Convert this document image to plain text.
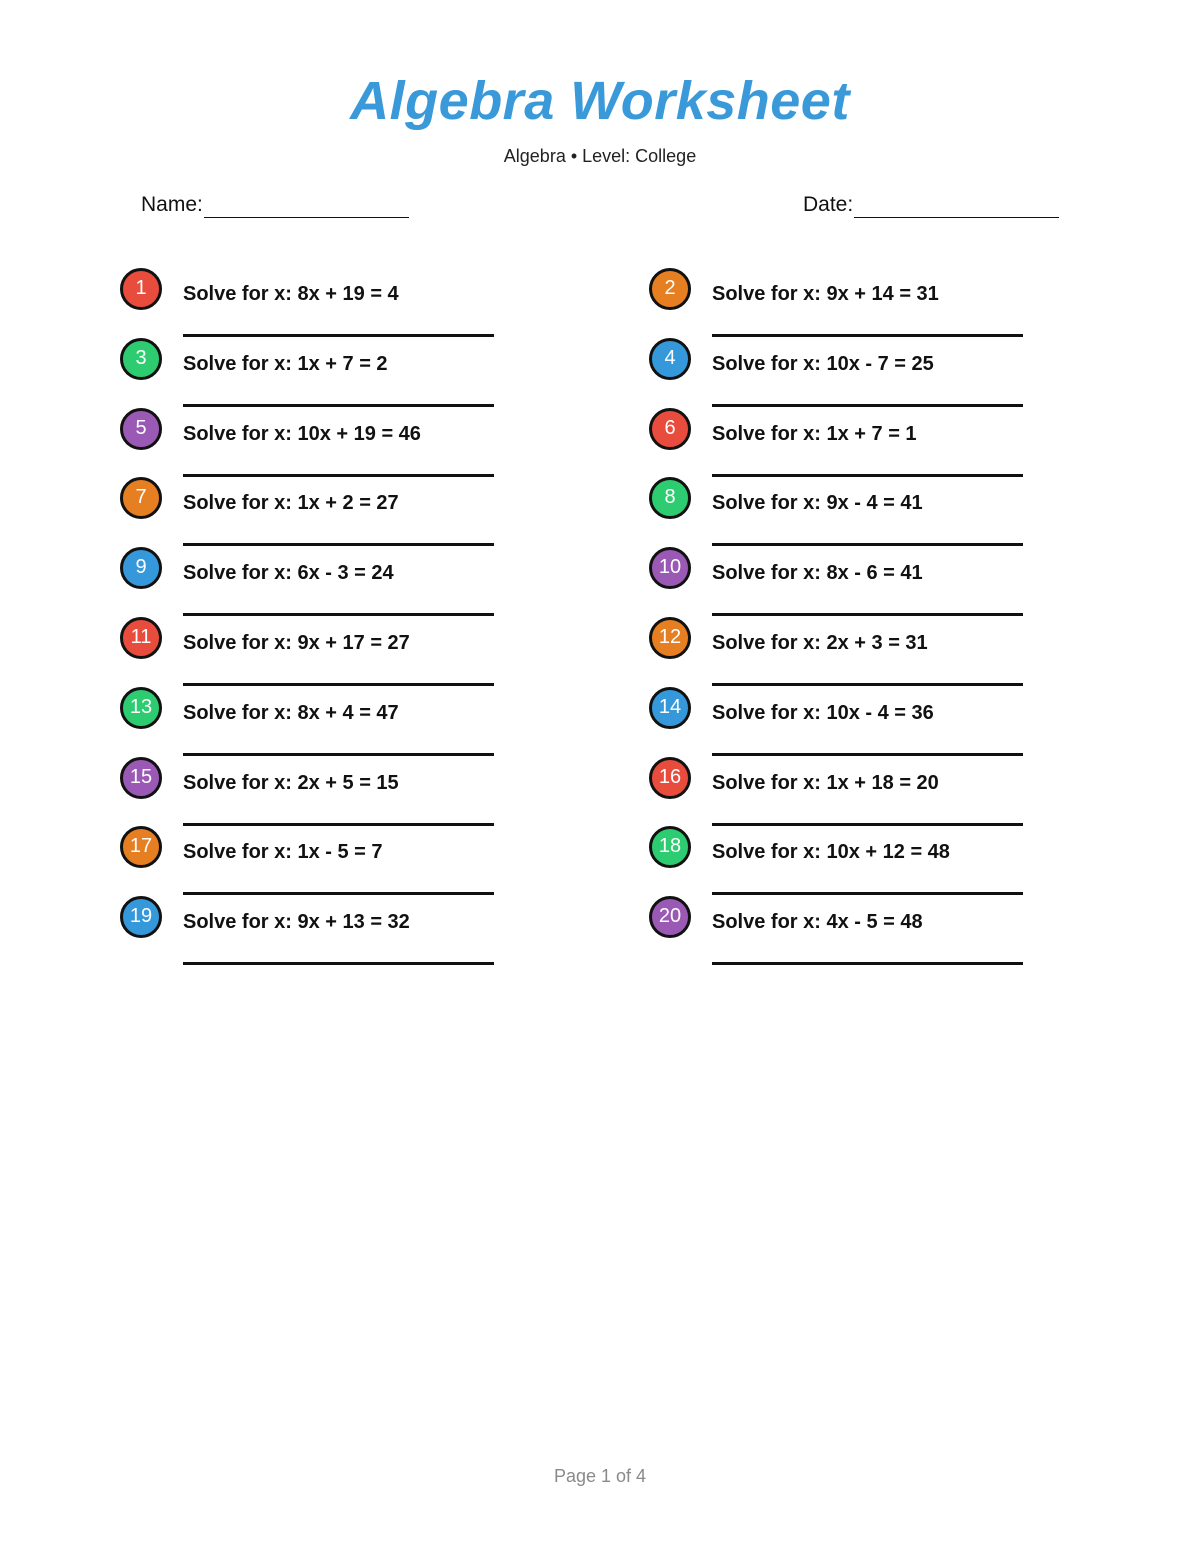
Algebra Worksheet
Algebra • Level: College
Name:	Date:
1	Solve for x: 8x + 19 = 4	2	Solve for x: 9x + 14 = 31
3	Solve for x: 1x + 7 = 2	4	Solve for x: 10x - 7 = 25
5	Solve for x: 10x + 19 = 46	6	Solve for x: 1x + 7 = 1
7	Solve for x: 1x + 2 = 27	8	Solve for x: 9x - 4 = 41
9	Solve for x: 6x - 3 = 24	10	Solve for x: 8x - 6 = 41
11	Solve for x: 9x + 17 = 27	12	Solve for x: 2x + 3 = 31
13	Solve for x: 8x + 4 = 47	14	Solve for x: 10x - 4 = 36
15	Solve for x: 2x + 5 = 15	16	Solve for x: 1x + 18 = 20
17	Solve for x: 1x - 5 = 7	18	Solve for x: 10x + 12 = 48
19	Solve for x: 9x + 13 = 32	20	Solve for x: 4x - 5 = 48
Page 1 of 4
